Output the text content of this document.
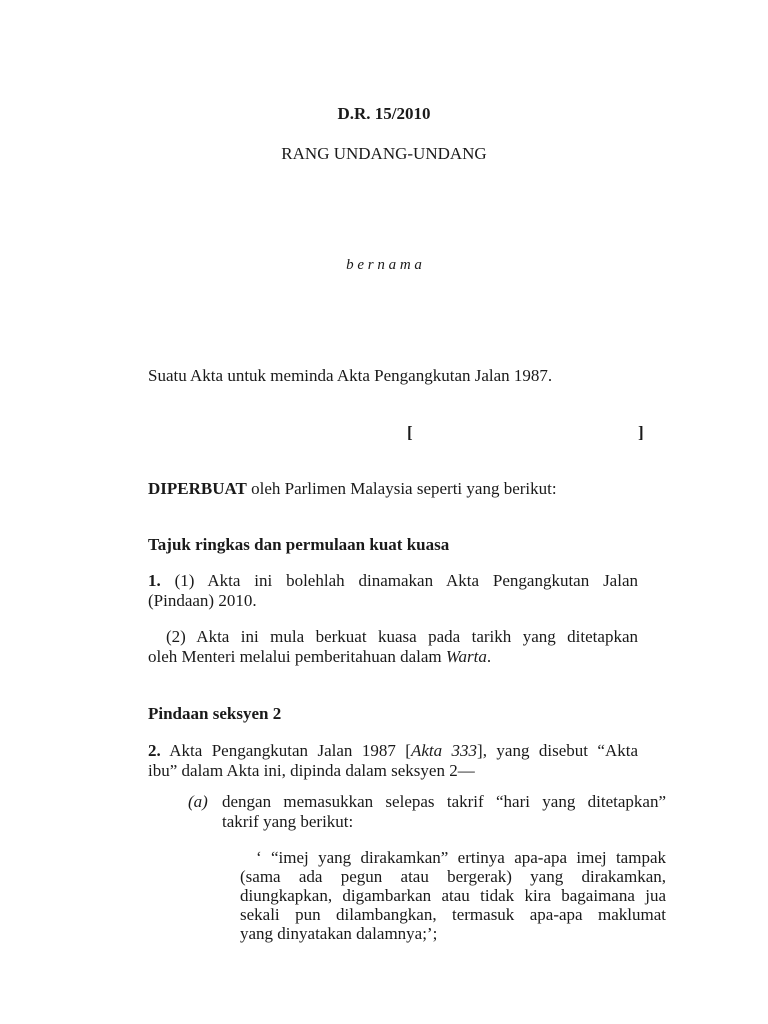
D.R. 15/2010
RANG UNDANG-UNDANG
b e r n a m a
Suatu Akta untuk meminda Akta Pengangkutan Jalan 1987.
[	]
DIPERBUAT oleh Parlimen Malaysia seperti yang berikut:
Tajuk ringkas dan permulaan kuat kuasa
1. (1) Akta ini bolehlah dinamakan Akta Pengangkutan Jalan
(Pindaan) 2010.
(2) Akta ini mula berkuat kuasa pada tarikh yang ditetapkan
oleh Menteri melalui pemberitahuan dalam Warta.
Pindaan seksyen 2
2. Akta Pengangkutan Jalan 1987 [Akta 333], yang disebut “Akta
ibu” dalam Akta ini, dipinda dalam seksyen 2—
(a) dengan memasukkan selepas takrif “hari yang ditetapkan”
takrif yang berikut:
‘ “imej yang dirakamkan” ertinya apa-apa imej tampak
(sama ada pegun atau bergerak) yang dirakamkan,
diungkapkan, digambarkan atau tidak kira bagaimana jua
sekali pun dilambangkan, termasuk apa-apa maklumat
yang dinyatakan dalamnya;’;
